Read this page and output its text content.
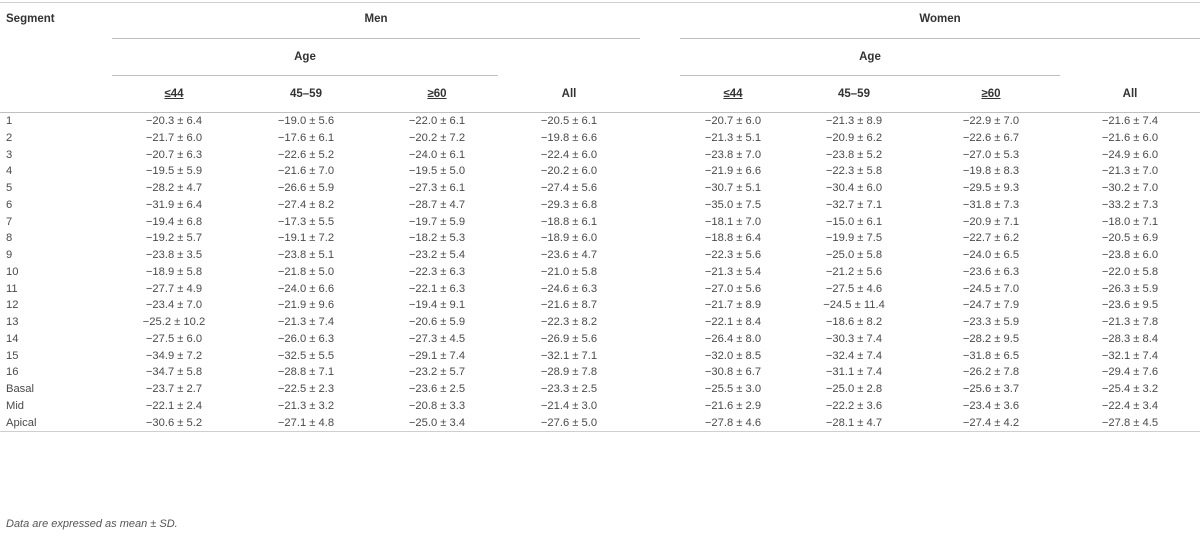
Segment	Men					Women			
	Age					Age			
	≤44	45–59	≥60	All		≤44	45–59	≥60	All
1	−20.3 ± 6.4	−19.0 ± 5.6	−22.0 ± 6.1	−20.5 ± 6.1		−20.7 ± 6.0	−21.3 ± 8.9	−22.9 ± 7.0	−21.6 ± 7.4
2	−21.7 ± 6.0	−17.6 ± 6.1	−20.2 ± 7.2	−19.8 ± 6.6		−21.3 ± 5.1	−20.9 ± 6.2	−22.6 ± 6.7	−21.6 ± 6.0
3	−20.7 ± 6.3	−22.6 ± 5.2	−24.0 ± 6.1	−22.4 ± 6.0		−23.8 ± 7.0	−23.8 ± 5.2	−27.0 ± 5.3	−24.9 ± 6.0
4	−19.5 ± 5.9	−21.6 ± 7.0	−19.5 ± 5.0	−20.2 ± 6.0		−21.9 ± 6.6	−22.3 ± 5.8	−19.8 ± 8.3	−21.3 ± 7.0
5	−28.2 ± 4.7	−26.6 ± 5.9	−27.3 ± 6.1	−27.4 ± 5.6		−30.7 ± 5.1	−30.4 ± 6.0	−29.5 ± 9.3	−30.2 ± 7.0
6	−31.9 ± 6.4	−27.4 ± 8.2	−28.7 ± 4.7	−29.3 ± 6.8		−35.0 ± 7.5	−32.7 ± 7.1	−31.8 ± 7.3	−33.2 ± 7.3
7	−19.4 ± 6.8	−17.3 ± 5.5	−19.7 ± 5.9	−18.8 ± 6.1		−18.1 ± 7.0	−15.0 ± 6.1	−20.9 ± 7.1	−18.0 ± 7.1
8	−19.2 ± 5.7	−19.1 ± 7.2	−18.2 ± 5.3	−18.9 ± 6.0		−18.8 ± 6.4	−19.9 ± 7.5	−22.7 ± 6.2	−20.5 ± 6.9
9	−23.8 ± 3.5	−23.8 ± 5.1	−23.2 ± 5.4	−23.6 ± 4.7		−22.3 ± 5.6	−25.0 ± 5.8	−24.0 ± 6.5	−23.8 ± 6.0
10	−18.9 ± 5.8	−21.8 ± 5.0	−22.3 ± 6.3	−21.0 ± 5.8		−21.3 ± 5.4	−21.2 ± 5.6	−23.6 ± 6.3	−22.0 ± 5.8
11	−27.7 ± 4.9	−24.0 ± 6.6	−22.1 ± 6.3	−24.6 ± 6.3		−27.0 ± 5.6	−27.5 ± 4.6	−24.5 ± 7.0	−26.3 ± 5.9
12	−23.4 ± 7.0	−21.9 ± 9.6	−19.4 ± 9.1	−21.6 ± 8.7		−21.7 ± 8.9	−24.5 ± 11.4	−24.7 ± 7.9	−23.6 ± 9.5
13	−25.2 ± 10.2	−21.3 ± 7.4	−20.6 ± 5.9	−22.3 ± 8.2		−22.1 ± 8.4	−18.6 ± 8.2	−23.3 ± 5.9	−21.3 ± 7.8
14	−27.5 ± 6.0	−26.0 ± 6.3	−27.3 ± 4.5	−26.9 ± 5.6		−26.4 ± 8.0	−30.3 ± 7.4	−28.2 ± 9.5	−28.3 ± 8.4
15	−34.9 ± 7.2	−32.5 ± 5.5	−29.1 ± 7.4	−32.1 ± 7.1		−32.0 ± 8.5	−32.4 ± 7.4	−31.8 ± 6.5	−32.1 ± 7.4
16	−34.7 ± 5.8	−28.8 ± 7.1	−23.2 ± 5.7	−28.9 ± 7.8		−30.8 ± 6.7	−31.1 ± 7.4	−26.2 ± 7.8	−29.4 ± 7.6
Basal	−23.7 ± 2.7	−22.5 ± 2.3	−23.6 ± 2.5	−23.3 ± 2.5		−25.5 ± 3.0	−25.0 ± 2.8	−25.6 ± 3.7	−25.4 ± 3.2
Mid	−22.1 ± 2.4	−21.3 ± 3.2	−20.8 ± 3.3	−21.4 ± 3.0		−21.6 ± 2.9	−22.2 ± 3.6	−23.4 ± 3.6	−22.4 ± 3.4
Apical	−30.6 ± 5.2	−27.1 ± 4.8	−25.0 ± 3.4	−27.6 ± 5.0		−27.8 ± 4.6	−28.1 ± 4.7	−27.4 ± 4.2	−27.8 ± 4.5
Data are expressed as mean ± SD.
